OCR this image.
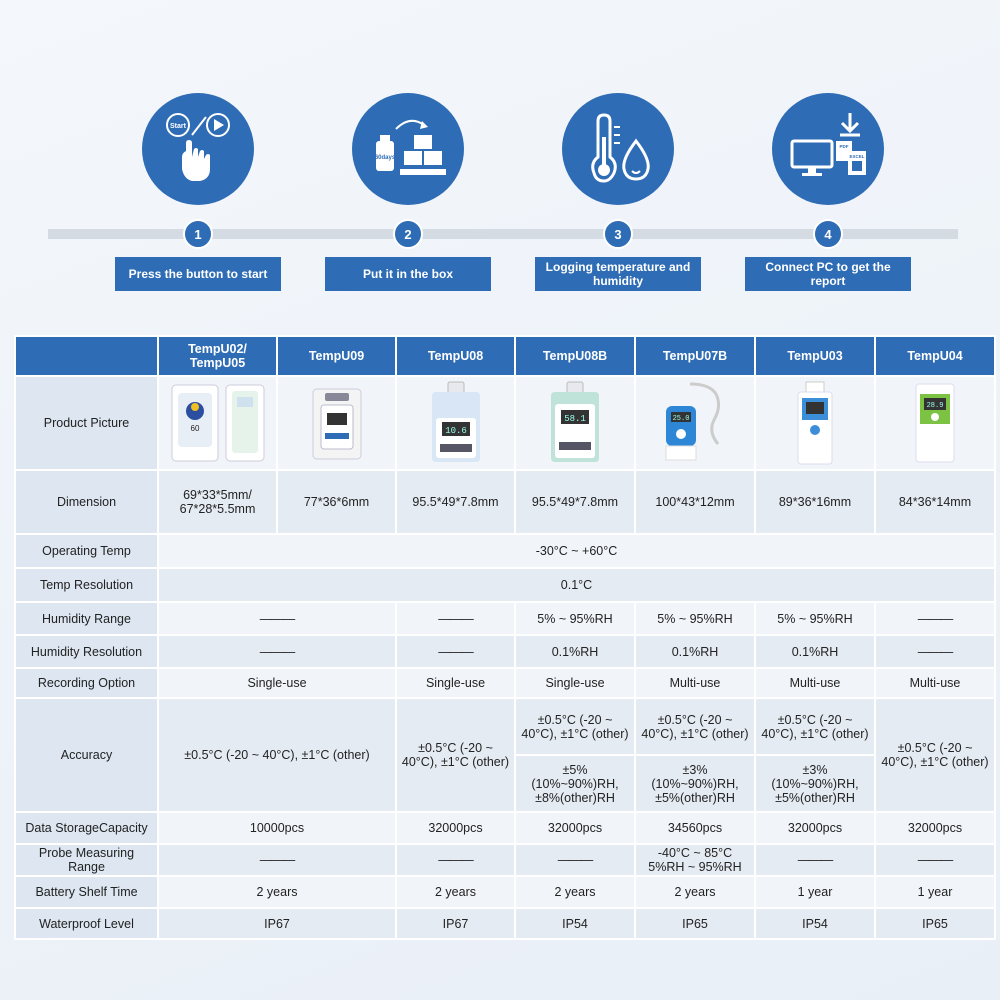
Start
60days
PDF
EXCEL
1	2	3	4
Press the button to start	Put it in the box	Logging temperature and humidity
Connect PC to get the report
	TempU02/ TempU05	TempU09	TempU08	TempU08B	TempU07B	TempU03	TempU04
Product Picture	60		10.6	58.1	25.0		28.9

Dimension	69*33*5mm/ 67*28*5.5mm	77*36*6mm	95.5*49*7.8mm	95.5*49*7.8mm	100*43*12mm	89*36*16mm	84*36*14mm
Operating Temp	-30°C ~ +60°C						
Temp Resolution	0.1°C						
Humidity Range	———		———	5% ~ 95%RH	5% ~ 95%RH	5% ~ 95%RH	———
Humidity Resolution	———		———	0.1%RH	0.1%RH	0.1%RH	———
Recording Option	Single-use		Single-use	Single-use	Multi-use	Multi-use	Multi-use
Accuracy	±0.5°C (-20 ~ 40°C), ±1°C (other)		±0.5°C (-20 ~ 40°C), ±1°C (other)	±0.5°C (-20 ~ 40°C), ±1°C (other)	±0.5°C (-20 ~ 40°C), ±1°C (other)	±0.5°C (-20 ~ 40°C), ±1°C (other)	±0.5°C (-20 ~ 40°C), ±1°C (other)
				±5% (10%~90%)RH, ±8%(other)RH	±3% (10%~90%)RH, ±5%(other)RH	±3% (10%~90%)RH, ±5%(other)RH	
Data StorageCapacity	10000pcs		32000pcs	32000pcs	34560pcs	32000pcs	32000pcs
Probe Measuring Range	———		———	———	-40°C ~ 85°C 5%RH ~ 95%RH	———	———
Battery Shelf Time	2 years		2 years	2 years	2 years	1 year	1 year
Waterproof Level	IP67		IP67	IP54	IP65	IP54	IP65
